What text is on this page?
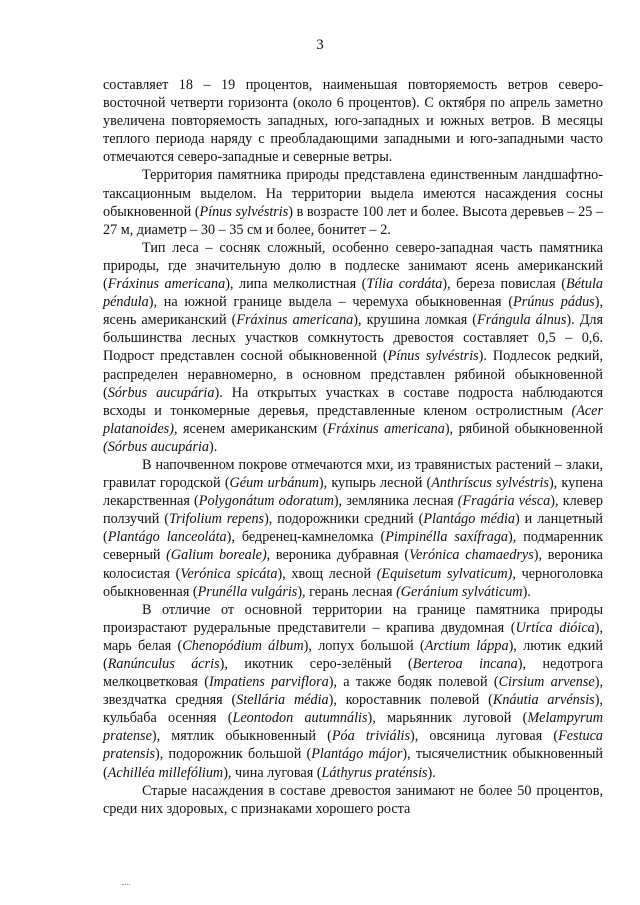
3

составляет 18 – 19 процентов, наименьшая повторяемость ветров северо-восточной четверти горизонта (около 6 процентов). С октября по апрель заметно увеличена повторяемость западных, юго-западных и южных ветров. В месяцы теплого периода наряду с преобладающими западными и юго-западными часто отмечаются северо-западные и северные ветры.

Территория памятника природы представлена единственным ландшафтно-таксационным выделом. На территории выдела имеются насаждения сосны обыкновенной (Pínus sylvéstris) в возрасте 100 лет и более. Высота деревьев – 25 – 27 м, диаметр – 30 – 35 см и более, бонитет – 2.

Тип леса – сосняк сложный, особенно северо-западная часть памятника природы, где значительную долю в подлеске занимают ясень американский (Fráxinus americana), липа мелколистная (Tília cordáta), береза повислая (Bétula péndula), на южной границе выдела – черемуха обыкновенная (Prúnus pádus), ясень американский (Fráxinus americana), крушина ломкая (Frángula álnus). Для большинства лесных участков сомкнутость древостоя составляет 0,5 – 0,6. Подрост представлен сосной обыкновенной (Pínus sylvéstris). Подлесок редкий, распределен неравномерно, в основном представлен рябиной обыкновенной (Sórbus aucupária). На открытых участках в составе подроста наблюдаются всходы и тонкомерные деревья, представленные кленом остролистным (Acer platanoides), ясенем американским (Fráxinus americana), рябиной обыкновенной (Sórbus aucupária).

В напочвенном покрове отмечаются мхи, из травянистых растений – злаки, гравилат городской (Géum urbánum), купырь лесной (Anthríscus sylvéstris), купена лекарственная (Polygonátum odoratum), земляника лесная (Fragária vésca), клевер ползучий (Trifolium repens), подорожники средний (Plantágo média) и ланцетный (Plantágo lanceoláta), бедренец-камнеломка (Pimpinélla saxífraga), подмаренник северный (Galium boreale), вероника дубравная (Verónica chamaedrys), вероника колосистая (Verónica spicáta), хвощ лесной (Equisetum sylvaticum), черноголовка обыкновенная (Prunélla vulgáris), герань лесная (Geránium sylváticum).

В отличие от основной территории на границе памятника природы произрастают рудеральные представители – крапива двудомная (Urtíca dióica), марь белая (Chenopódium álbum), лопух большой (Arctium láppa), лютик едкий (Ranúnculus ácris), икотник серо-зелёный (Berteroa incana), недотрога мелкоцветковая (Impatiens parviflora), а также бодяк полевой (Cirsium arvense), звездчатка средняя (Stellária média), короставник полевой (Knáutia arvénsis), кульбаба осенняя (Leontodon autumnális), марьянник луговой (Melampyrum pratense), мятлик обыкновенный (Póa triviális), овсяница луговая (Festuca pratensis), подорожник большой (Plantágo májor), тысячелистник обыкновенный (Achilléa millefólium), чина луговая (Láthyrus praténsis).

Старые насаждения в составе древостоя занимают не более 50 процентов, среди них здоровых, с признаками хорошего роста
